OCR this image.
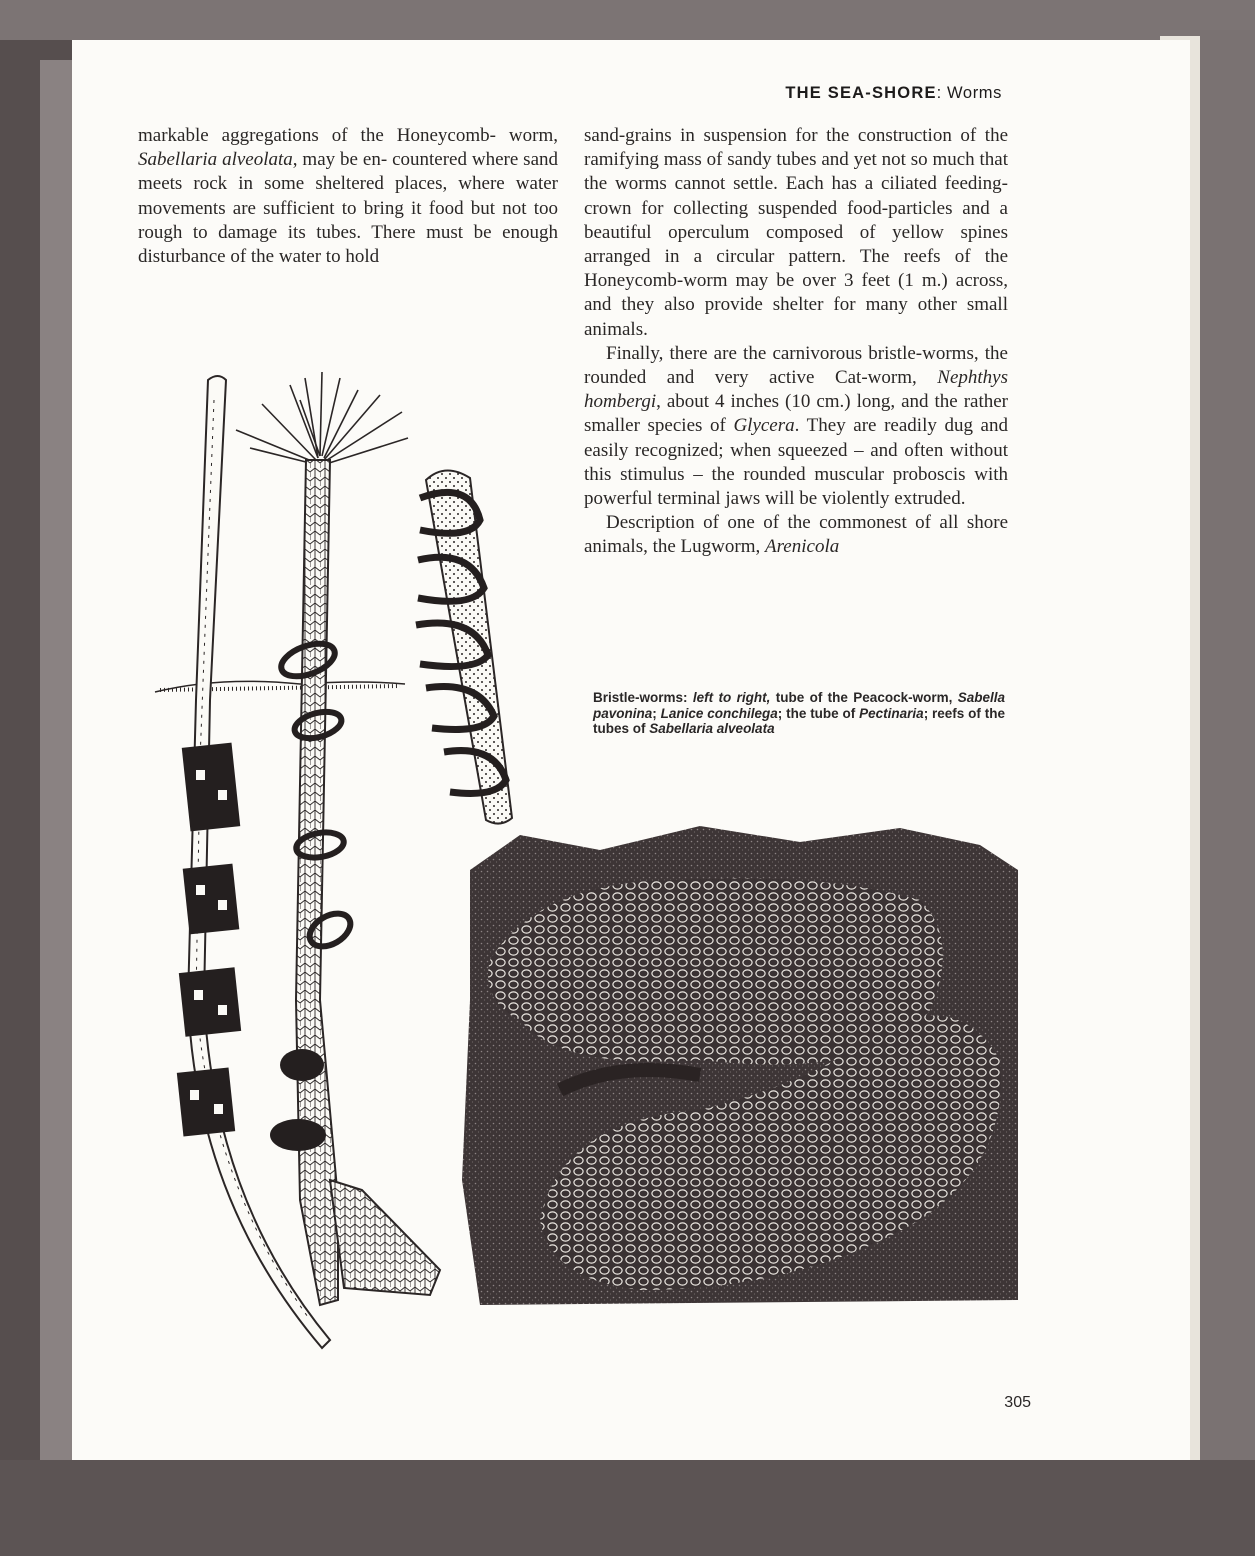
THE SEA-SHORE: Worms

markable aggregations of the Honeycomb- worm, Sabellaria alveolata, may be en- countered where sand meets rock in some sheltered places, where water movements are sufficient to bring it food but not too rough to damage its tubes. There must be enough disturbance of the water to hold

sand-grains in suspension for the construction of the ramifying mass of sandy tubes and yet not so much that the worms cannot settle. Each has a ciliated feeding-crown for collecting suspended food-particles and a beautiful operculum composed of yellow spines arranged in a circular pattern. The reefs of the Honeycomb-worm may be over 3 feet (1 m.) across, and they also provide shelter for many other small animals.

Finally, there are the carnivorous bristle-worms, the rounded and very active Cat-worm, Nephthys hombergi, about 4 inches (10 cm.) long, and the rather smaller species of Glycera. They are readily dug and easily recognized; when squeezed – and often without this stimulus – the rounded muscular proboscis with powerful terminal jaws will be violently extruded.

Description of one of the commonest of all shore animals, the Lugworm, Arenicola

Bristle-worms: left to right, tube of the Peacock-worm, Sabella pavonina; Lanice conchilega; the tube of Pectinaria; reefs of the tubes of Sabellaria alveolata
305
